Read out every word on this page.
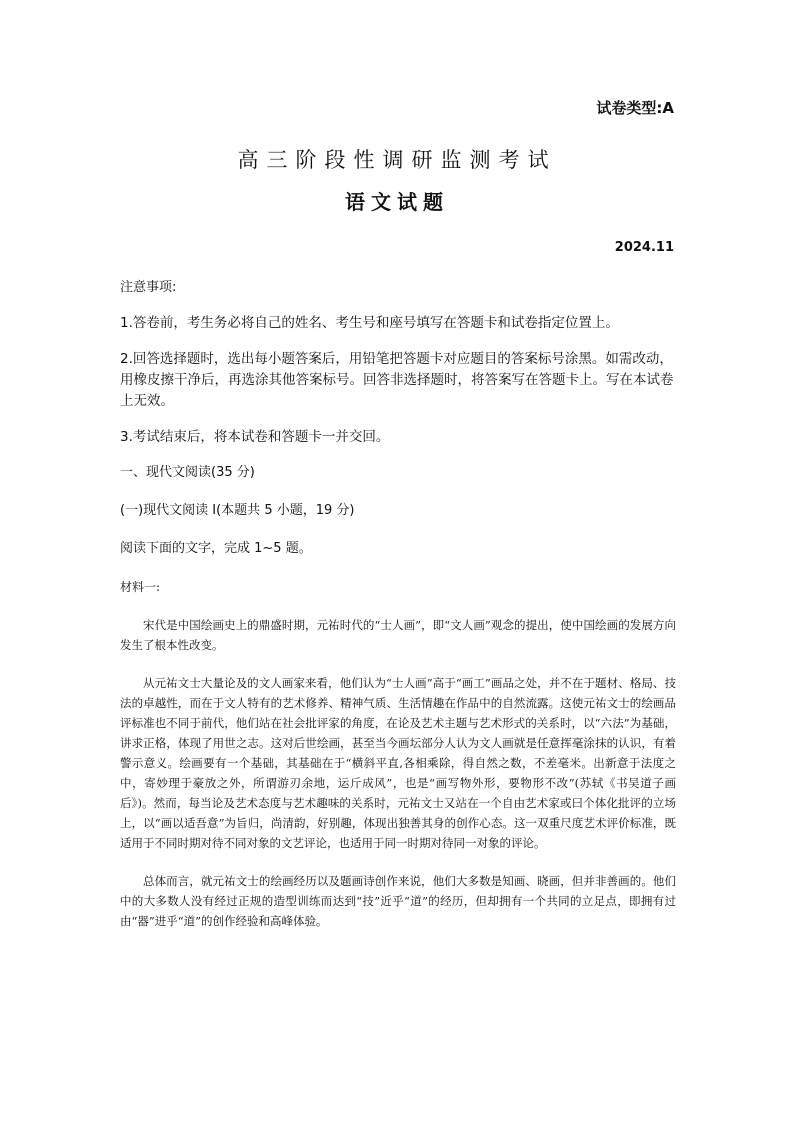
试卷类型:A
高三阶段性调研监测考试
语文试题
2024.11
注意事项:
1.答卷前，考生务必将自己的姓名、考生号和座号填写在答题卡和试卷指定位置上。
2.回答选择题时，选出每小题答案后，用铅笔把答题卡对应题目的答案标号涂黑。如需改动，用橡皮擦干净后，再选涂其他答案标号。回答非选择题时，将答案写在答题卡上。写在本试卷上无效。
3.考试结束后，将本试卷和答题卡一并交回。
一、现代文阅读(35 分)
(一)现代文阅读 I(本题共 5 小题，19 分)
阅读下面的文字，完成 1~5 题。
材料一:

宋代是中国绘画史上的鼎盛时期，元祐时代的“士人画”，即“文人画”观念的提出，使中国绘画的发展方向发生了根本性改变。

从元祐文士大量论及的文人画家来看，他们认为“士人画”高于“画工”画品之处，并不在于题材、格局、技法的卓越性，而在于文人特有的艺术修养、精神气质、生活情趣在作品中的自然流露。这使元祐文士的绘画品评标准也不同于前代，他们站在社会批评家的角度，在论及艺术主题与艺术形式的关系时，以“六法”为基础，讲求正格，体现了用世之志。这对后世绘画，甚至当今画坛部分人认为文人画就是任意挥毫涂抹的认识，有着警示意义。绘画要有一个基础，其基础在于“横斜平直,各相乘除，得自然之数，不差毫米。出新意于法度之中，寄妙理于豪放之外，所谓游刃余地，运斤成风”，也是“画写物外形，要物形不改”(苏轼《书吴道子画后》)。然而，每当论及艺术态度与艺术趣味的关系时，元祐文士又站在一个自由艺术家或曰个体化批评的立场上，以“画以适吾意”为旨归，尚清韵，好别趣，体现出独善其身的创作心态。这一双重尺度艺术评价标准，既适用于不同时期对待不同对象的文艺评论，也适用于同一时期对待同一对象的评论。

总体而言，就元祐文士的绘画经历以及题画诗创作来说，他们大多数是知画、晓画，但并非善画的。他们中的大多数人没有经过正规的造型训练而达到“技”近乎“道”的经历，但却拥有一个共同的立足点，即拥有过由“器”进乎“道”的创作经验和高峰体验。
